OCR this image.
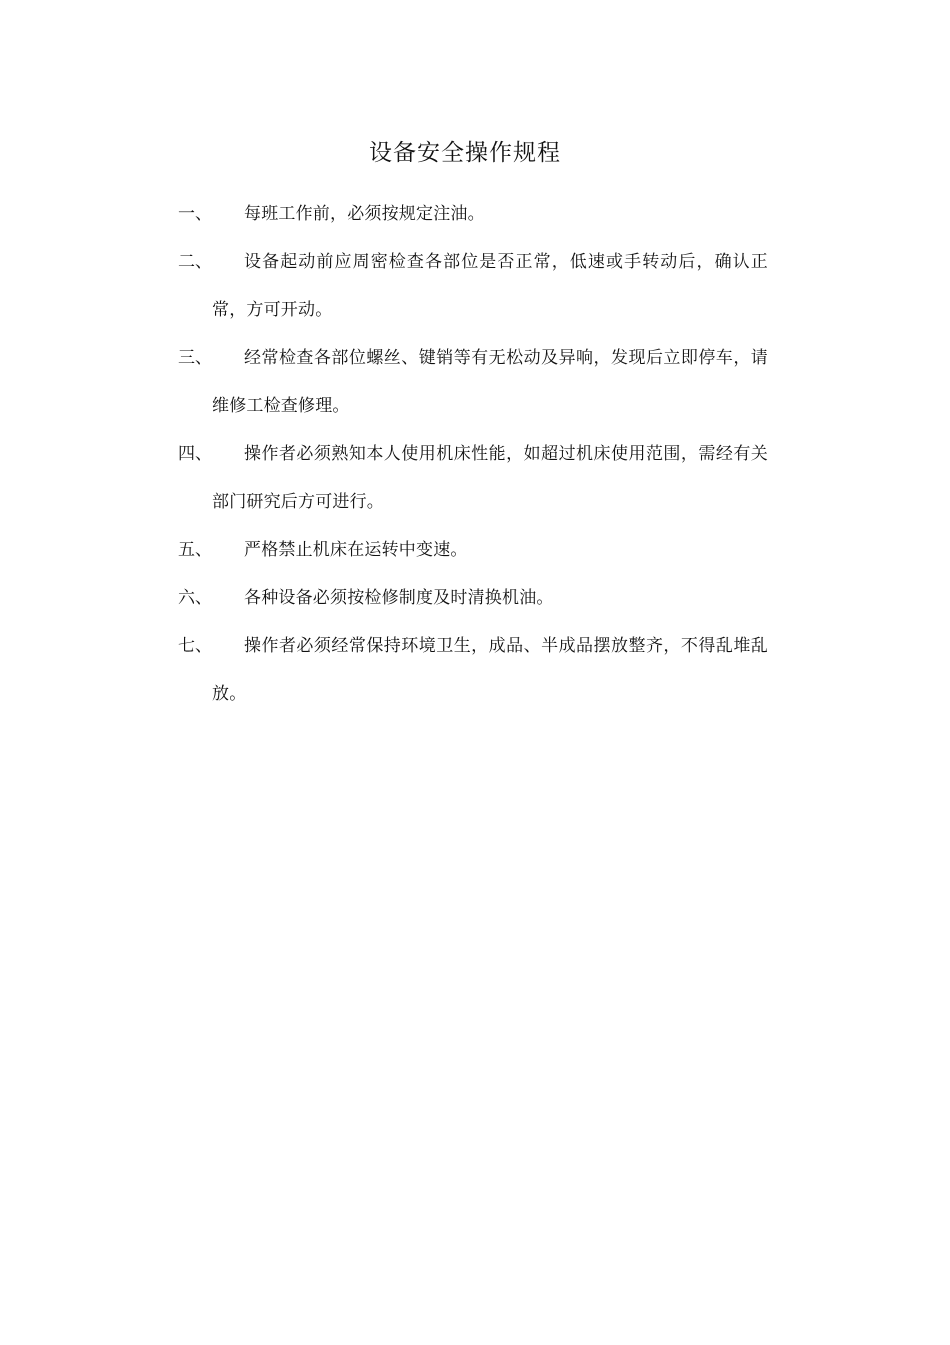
设备安全操作规程
一、	每班工作前，必须按规定注油。
二、	设备起动前应周密检查各部位是否正常，低速或手转动后，确认正常，方可开动。
三、	经常检查各部位螺丝、键销等有无松动及异响，发现后立即停车，请维修工检查修理。
四、	操作者必须熟知本人使用机床性能，如超过机床使用范围，需经有关部门研究后方可进行。
五、	严格禁止机床在运转中变速。
六、	各种设备必须按检修制度及时清换机油。
七、	操作者必须经常保持环境卫生，成品、半成品摆放整齐，不得乱堆乱放。
